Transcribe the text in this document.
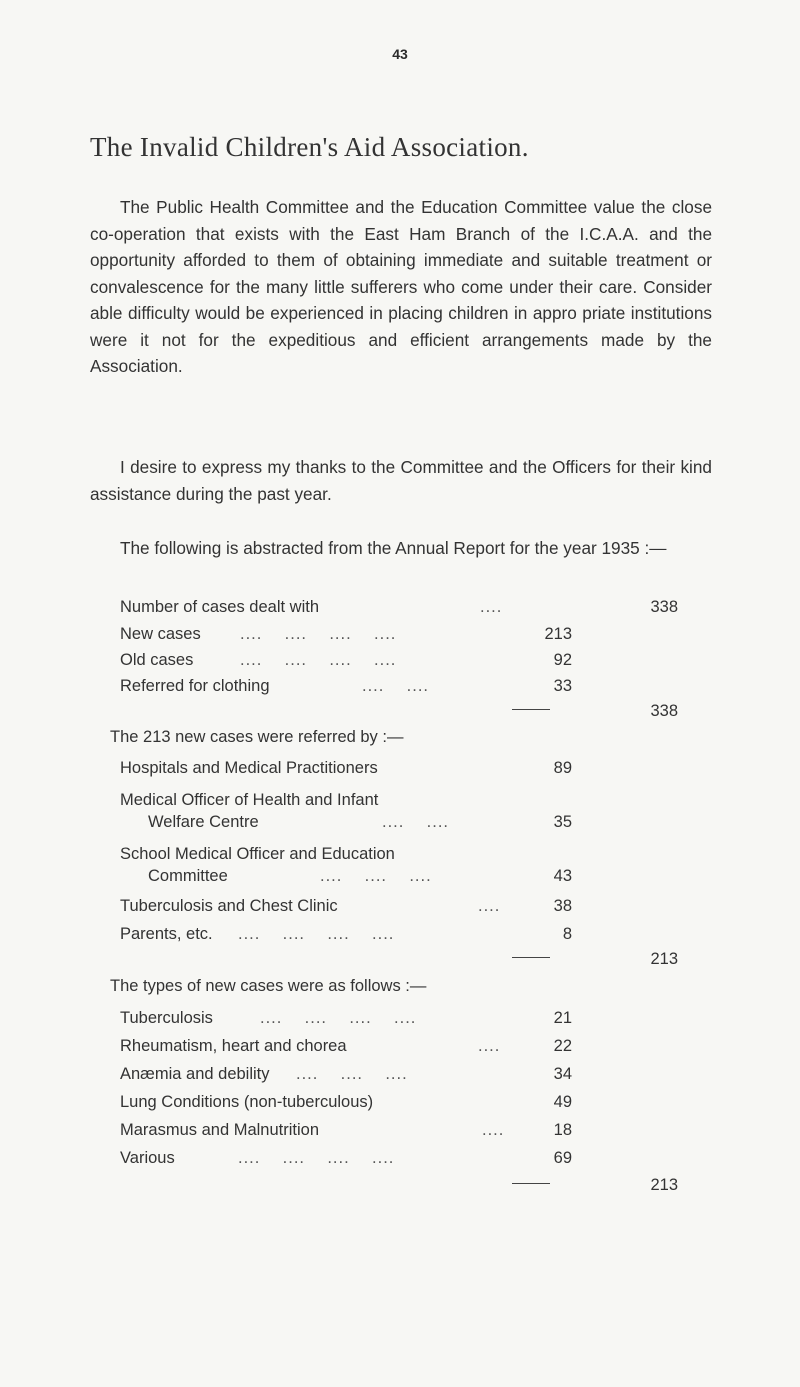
43
The Invalid Children's Aid Association.

The Public Health Committee and the Education Committee value the close co-operation that exists with the East Ham Branch of the I.C.A.A. and the opportunity afforded to them of obtaining immediate and suitable treatment or convalescence for the many little sufferers who come under their care. Consider able difficulty would be experienced in placing children in appro priate institutions were it not for the expeditious and efficient arrangements made by the Association.

I desire to express my thanks to the Committee and the Officers for their kind assistance during the past year.

The following is abstracted from the Annual Report for the year 1935 :—

Number of cases dealt with	....	338
New cases ....    ....    ....    ....	213
Old cases	....    ....    ....    ....	92
Referred for clothing	....    ....	33
338
The 213 new cases were referred by :—
Hospitals and Medical Practitioners	89
Medical Officer of Health and Infant
Welfare Centre	....    ....	35
School Medical Officer and Education
Committee	....    ....    ....	43
Tuberculosis and Chest Clinic	....	38
Parents, etc. ....    ....    ....    ....	8
213
The types of new cases were as follows :—
Tuberculosis	....    ....    ....    ....	21
Rheumatism, heart and chorea	....	22
Anæmia and debility ....    ....    ....	34
Lung Conditions (non-tuberculous)	49
Marasmus and Malnutrition	....	18
Various	....    ....    ....    ....	69
213
